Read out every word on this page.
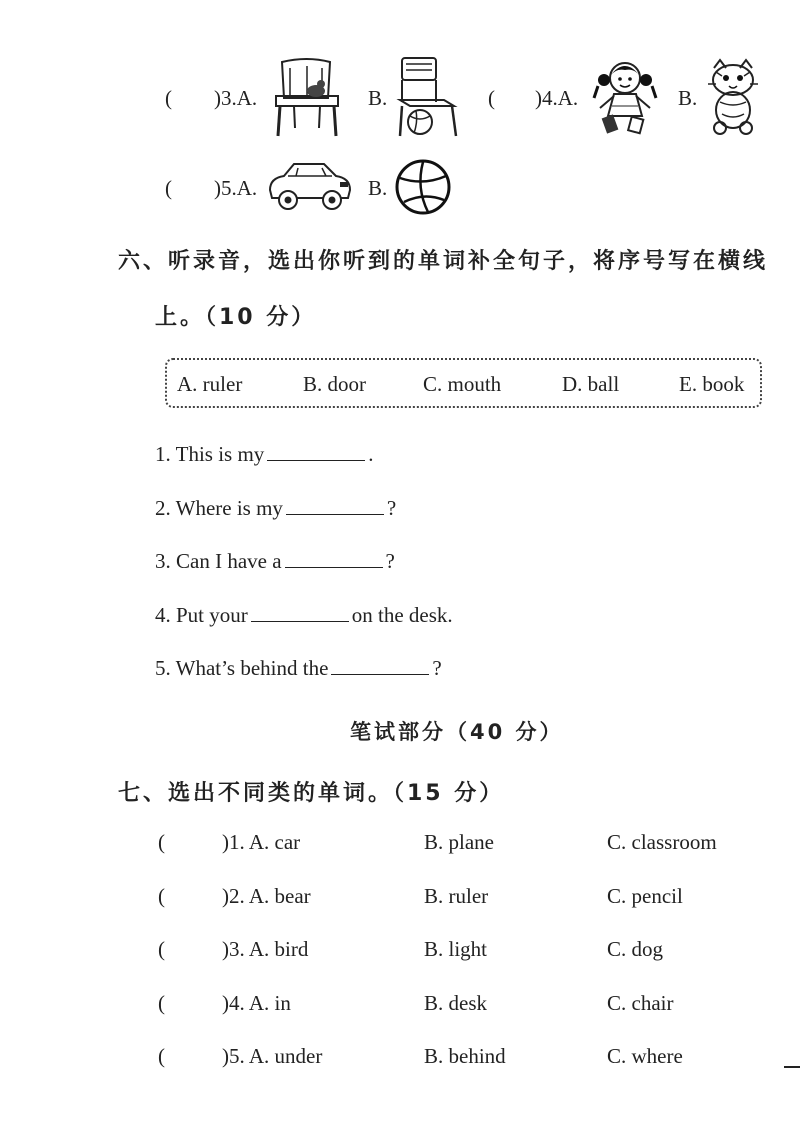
( )3.A.	B.	( )4.A.	B.
( )5.A.	B.
六、听录音，选出你听到的单词补全句子，将序号写在横线
上。（10 分）
A. ruler	B. door	C. mouth	D. ball	E. book
1. This is my	.
2. Where is my	?
3. Can I have a	?
4. Put your	on the desk.
5. What’s behind the	?
笔试部分（40 分）
七、选出不同类的单词。（15 分）
(	)1. A. car	B. plane	C. classroom
(	)2. A. bear	B. ruler	C. pencil
(	)3. A. bird	B. light	C. dog
(	)4. A. in	B. desk	C. chair
(	)5. A. under	B. behind	C. where
